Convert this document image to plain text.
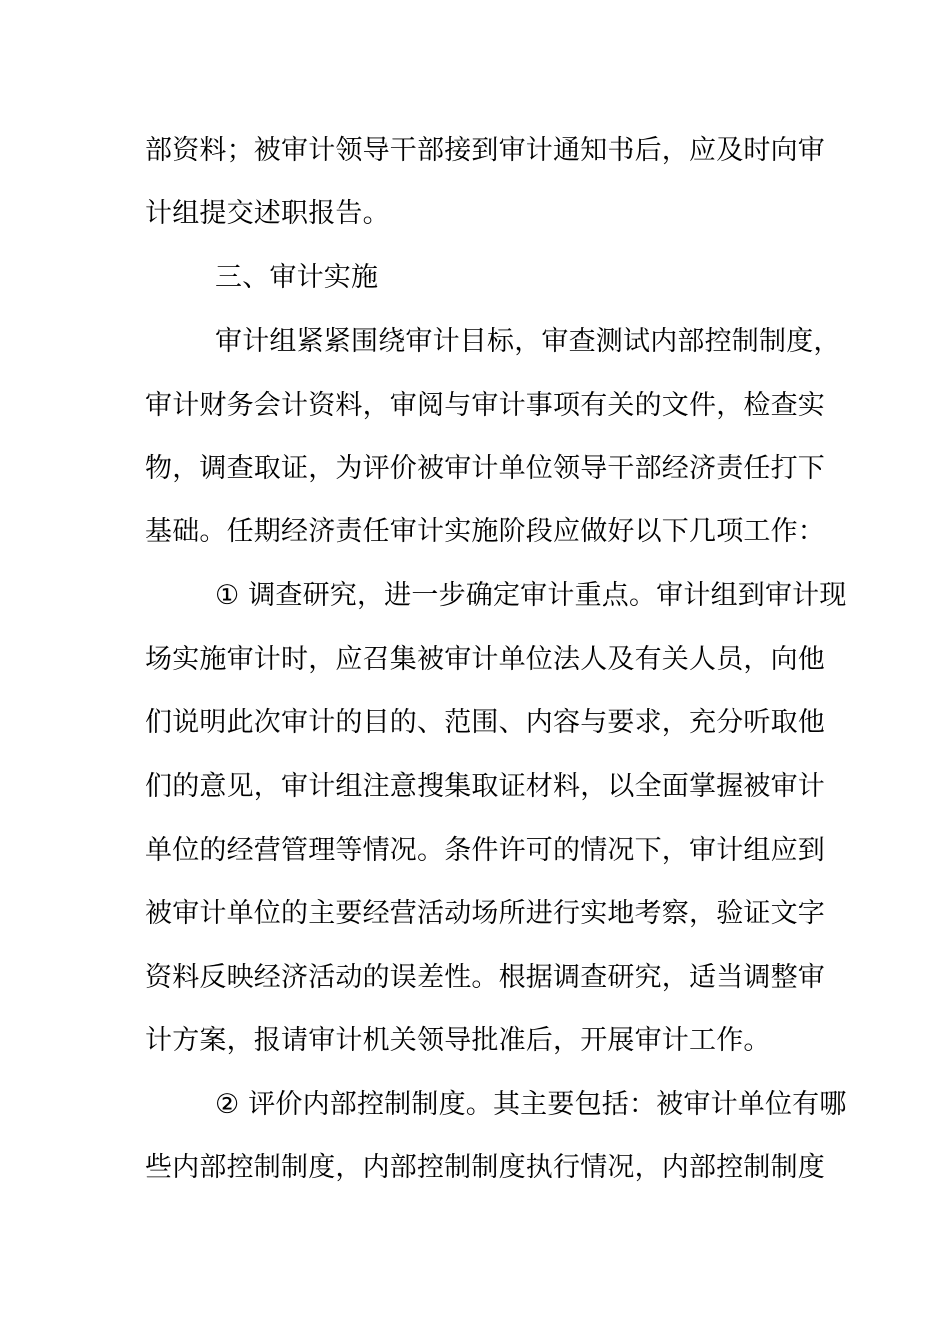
部资料；被审计领导干部接到审计通知书后，应及时向审
计组提交述职报告。
三、审计实施
审计组紧紧围绕审计目标，审查测试内部控制制度，
审计财务会计资料，审阅与审计事项有关的文件，检查实
物，调查取证，为评价被审计单位领导干部经济责任打下
基础。任期经济责任审计实施阶段应做好以下几项工作：
① 调查研究，进一步确定审计重点。审计组到审计现
场实施审计时，应召集被审计单位法人及有关人员，向他
们说明此次审计的目的、范围、内容与要求，充分听取他
们的意见，审计组注意搜集取证材料，以全面掌握被审计
单位的经营管理等情况。条件许可的情况下，审计组应到
被审计单位的主要经营活动场所进行实地考察，验证文字
资料反映经济活动的误差性。根据调查研究，适当调整审
计方案，报请审计机关领导批准后，开展审计工作。
② 评价内部控制制度。其主要包括：被审计单位有哪
些内部控制制度，内部控制制度执行情况，内部控制制度
